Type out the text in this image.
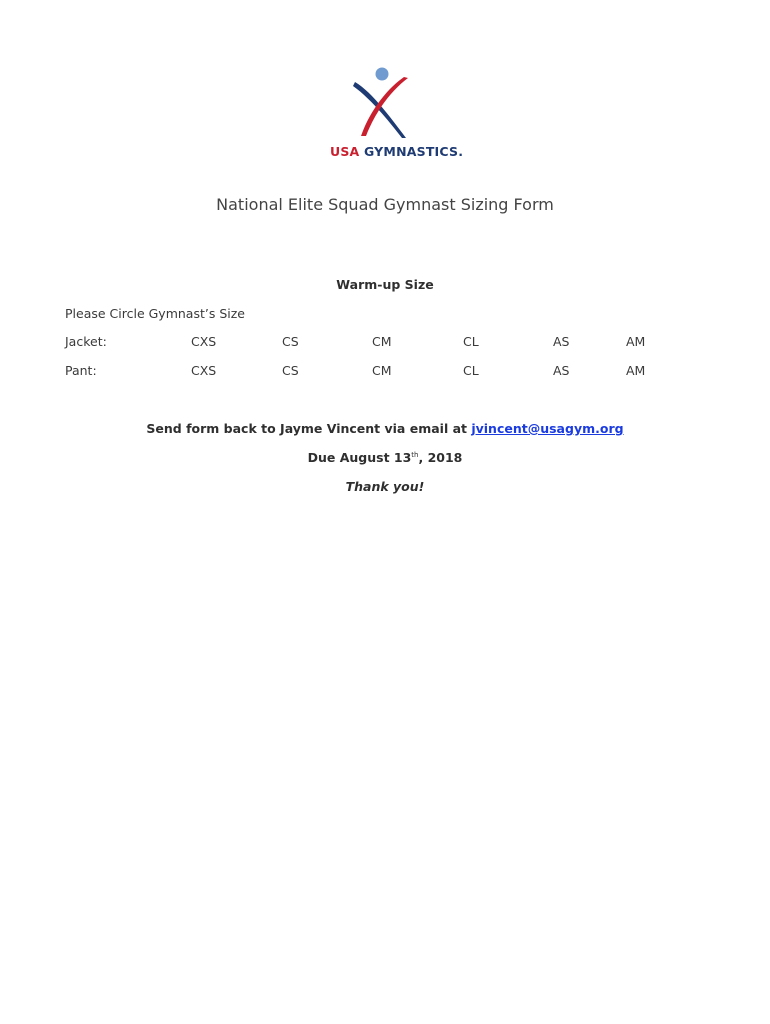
USA GYMNASTICS.
National Elite Squad Gymnast Sizing Form
Warm-up Size
Please Circle Gymnast’s Size
Jacket:	CXS	CS	CM	CL	AS	AM
Pant:	CXS	CS	CM	CL	AS	AM
Send form back to Jayme Vincent via email at jvincent@usagym.org
Due August 13th, 2018
Thank you!
